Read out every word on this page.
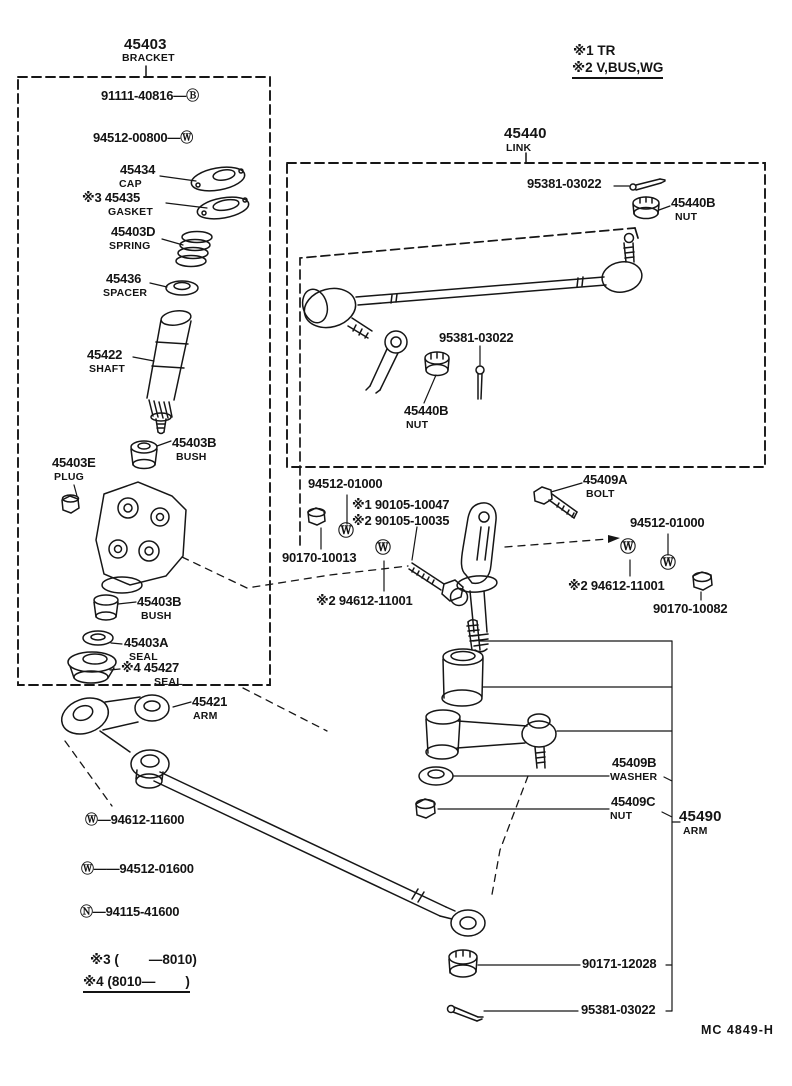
45403
BRACKET
91111-40816—Ⓑ
94512-00800—Ⓦ
45434
CAP
※3 45435
GASKET
45403D
SPRING
45436
SPACER
45422
SHAFT
45403B
BUSH
45403E
PLUG
45403B
BUSH
45403A
SEAL
※4 45427
SEAL
45421
ARM
※1 TR
※2 V,BUS,WG
45440
LINK
95381-03022
45440B
NUT
95381-03022
45440B
NUT
94512-01000
※1 90105-10047
※2 90105-10035
90170-10013
※2 94612-11001
45409A
BOLT
94512-01000
※2 94612-11001
90170-10082
Ⓦ
Ⓦ	Ⓦ
Ⓦ
45409B
WASHER
45409C
NUT	45490
ARM
90171-12028
95381-03022
MC 4849-H
Ⓦ—94612-11600
Ⓦ——94512-01600
Ⓝ—94115-41600
※3 (        —8010)
※4 (8010—        )
